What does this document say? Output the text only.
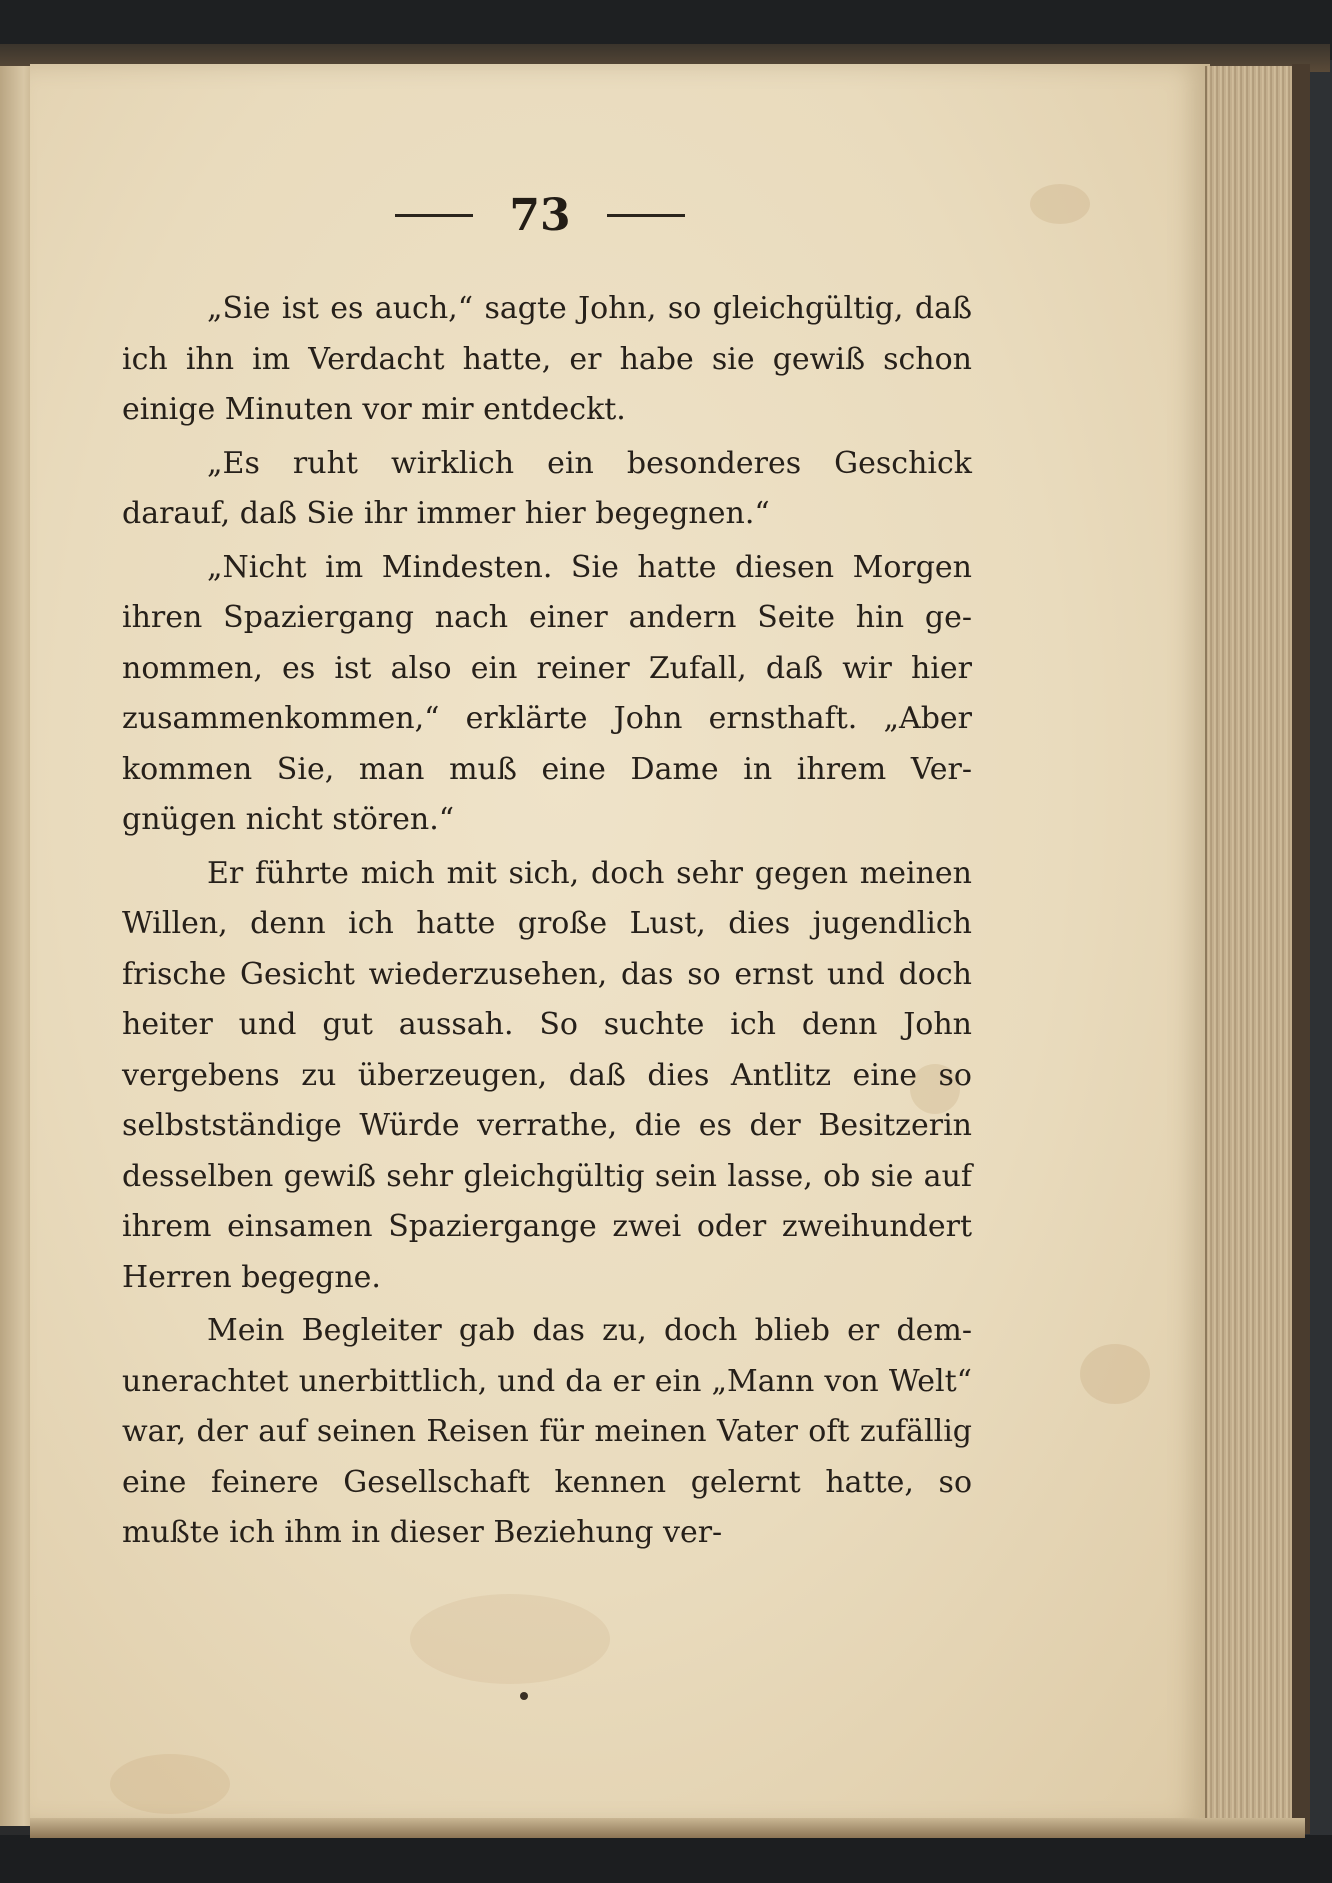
73

„Sie ist es auch,“ sagte John, so gleichgültig, daß ich ihn im Verdacht hatte, er habe sie gewiß schon einige Minuten vor mir entdeckt.

„Es ruht wirklich ein besonderes Geschick darauf, daß Sie ihr immer hier begegnen.“

„Nicht im Mindesten. Sie hatte diesen Morgen ihren Spaziergang nach einer andern Seite hin ge- nommen, es ist also ein reiner Zufall, daß wir hier zusammenkommen,“ erklärte John ernsthaft. „Aber kommen Sie, man muß eine Dame in ihrem Ver- gnügen nicht stören.“

Er führte mich mit sich, doch sehr gegen meinen Willen, denn ich hatte große Lust, dies jugendlich frische Gesicht wiederzusehen, das so ernst und doch heiter und gut aussah. So suchte ich denn John vergebens zu überzeugen, daß dies Antlitz eine so selbstständige Würde verrathe, die es der Besitzerin desselben gewiß sehr gleichgültig sein lasse, ob sie auf ihrem einsamen Spaziergange zwei oder zweihundert Herren begegne.

Mein Begleiter gab das zu, doch blieb er dem- unerachtet unerbittlich, und da er ein „Mann von Welt“ war, der auf seinen Reisen für meinen Vater oft zufällig eine feinere Gesellschaft kennen gelernt hatte, so mußte ich ihm in dieser Beziehung ver-
